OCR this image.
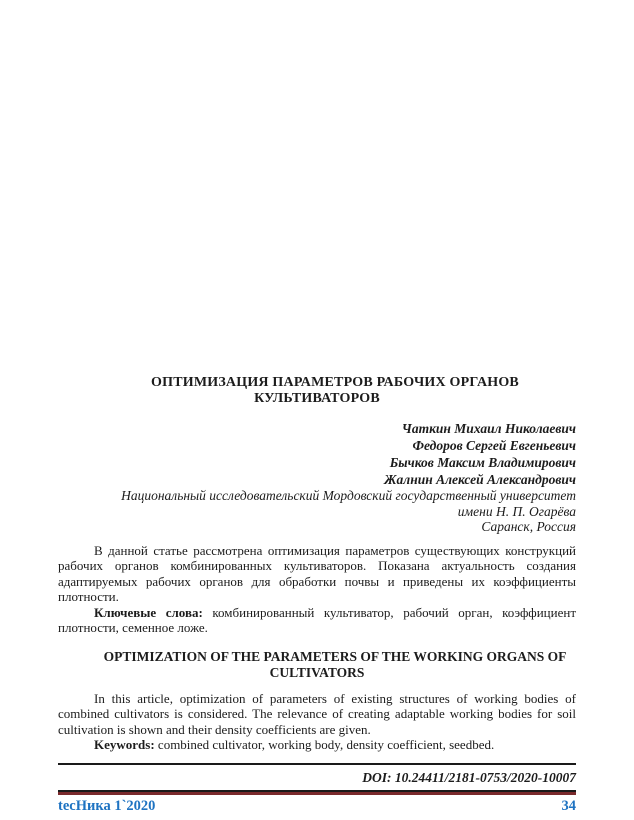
ОПТИМИЗАЦИЯ ПАРАМЕТРОВ РАБОЧИХ ОРГАНОВ КУЛЬТИВАТОРОВ
Чаткин Михаил Николаевич
Федоров Сергей Евгеньевич
Бычков Максим Владимирович
Жалнин Алексей Александрович
Национальный исследовательский Мордовский государственный университет
имени Н. П. Огарёва
Саранск, Россия

В данной статье рассмотрена оптимизация параметров существующих конструкций рабочих органов комбинированных культиваторов. Показана актуальность создания адаптируемых рабочих органов для обработки почвы и приведены их коэффициенты плотности.

Ключевые слова: комбинированный культиватор, рабочий орган, коэффициент плотности, семенное ложе.

OPTIMIZATION OF THE PARAMETERS OF THE WORKING ORGANS OF CULTIVATORS

In this article, optimization of parameters of existing structures of working bodies of combined cultivators is considered. The relevance of creating adaptable working bodies for soil cultivation is shown and their density coefficients are given.

Keywords: combined cultivator, working body, density coefficient, seedbed.

DOI: 10.24411/2181-0753/2020-10007
tecНика 1`2020	34
